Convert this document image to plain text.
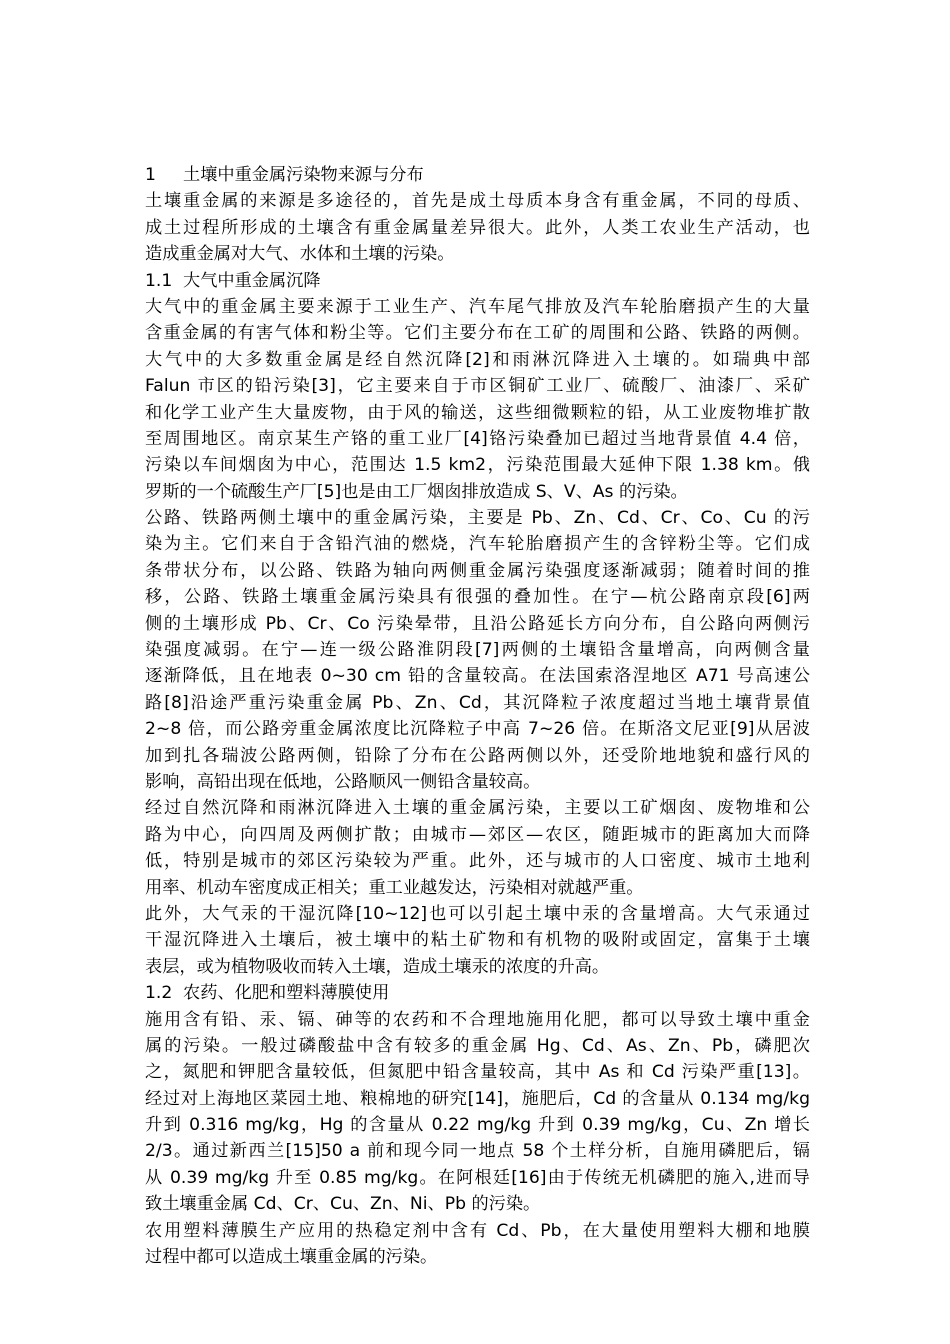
1 土壤中重金属污染物来源与分布
土壤重金属的来源是多途径的，首先是成土母质本身含有重金属，不同的母质、
成土过程所形成的土壤含有重金属量差异很大。此外，人类工农业生产活动，也
造成重金属对大气、水体和土壤的污染。
1.1 大气中重金属沉降
大气中的重金属主要来源于工业生产、汽车尾气排放及汽车轮胎磨损产生的大量
含重金属的有害气体和粉尘等。它们主要分布在工矿的周围和公路、铁路的两侧。
大气中的大多数重金属是经自然沉降[2]和雨淋沉降进入土壤的。如瑞典中部
Falun 市区的铅污染[3]，它主要来自于市区铜矿工业厂、硫酸厂、油漆厂、采矿
和化学工业产生大量废物，由于风的输送，这些细微颗粒的铅，从工业废物堆扩散
至周围地区。南京某生产铬的重工业厂[4]铬污染叠加已超过当地背景值 4.4 倍，
污染以车间烟囱为中心，范围达 1.5 km2，污染范围最大延伸下限 1.38 km。俄
罗斯的一个硫酸生产厂[5]也是由工厂烟囱排放造成 S、V、As 的污染。
公路、铁路两侧土壤中的重金属污染，主要是 Pb、Zn、Cd、Cr、Co、Cu 的污
染为主。它们来自于含铅汽油的燃烧，汽车轮胎磨损产生的含锌粉尘等。它们成
条带状分布，以公路、铁路为轴向两侧重金属污染强度逐渐减弱；随着时间的推
移，公路、铁路土壤重金属污染具有很强的叠加性。在宁—杭公路南京段[6]两
侧的土壤形成 Pb、Cr、Co 污染晕带，且沿公路延长方向分布，自公路向两侧污
染强度减弱。在宁—连一级公路淮阴段[7]两侧的土壤铅含量增高，向两侧含量
逐渐降低，且在地表 0~30 cm 铅的含量较高。在法国索洛涅地区 A71 号高速公
路[8]沿途严重污染重金属 Pb、Zn、Cd，其沉降粒子浓度超过当地土壤背景值
2~8 倍，而公路旁重金属浓度比沉降粒子中高 7~26 倍。在斯洛文尼亚[9]从居波
加到扎各瑞波公路两侧，铅除了分布在公路两侧以外，还受阶地地貌和盛行风的
影响，高铅出现在低地，公路顺风一侧铅含量较高。
经过自然沉降和雨淋沉降进入土壤的重金属污染，主要以工矿烟囱、废物堆和公
路为中心，向四周及两侧扩散；由城市—郊区—农区，随距城市的距离加大而降
低，特别是城市的郊区污染较为严重。此外，还与城市的人口密度、城市土地利
用率、机动车密度成正相关；重工业越发达，污染相对就越严重。
此外，大气汞的干湿沉降[10~12]也可以引起土壤中汞的含量增高。大气汞通过
干湿沉降进入土壤后，被土壤中的粘土矿物和有机物的吸附或固定，富集于土壤
表层，或为植物吸收而转入土壤，造成土壤汞的浓度的升高。
1.2 农药、化肥和塑料薄膜使用
施用含有铅、汞、镉、砷等的农药和不合理地施用化肥，都可以导致土壤中重金
属的污染。一般过磷酸盐中含有较多的重金属 Hg、Cd、As、Zn、Pb，磷肥次
之，氮肥和钾肥含量较低，但氮肥中铅含量较高，其中 As 和 Cd 污染严重[13]。
经过对上海地区菜园土地、粮棉地的研究[14]，施肥后，Cd 的含量从 0.134 mg/kg
升到 0.316 mg/kg，Hg 的含量从 0.22 mg/kg 升到 0.39 mg/kg，Cu、Zn 增长
2/3。通过新西兰[15]50 a 前和现今同一地点 58 个土样分析，自施用磷肥后，镉
从 0.39 mg/kg 升至 0.85 mg/kg。在阿根廷[16]由于传统无机磷肥的施入,进而导
致土壤重金属 Cd、Cr、Cu、Zn、Ni、Pb 的污染。
农用塑料薄膜生产应用的热稳定剂中含有 Cd、Pb，在大量使用塑料大棚和地膜
过程中都可以造成土壤重金属的污染。
